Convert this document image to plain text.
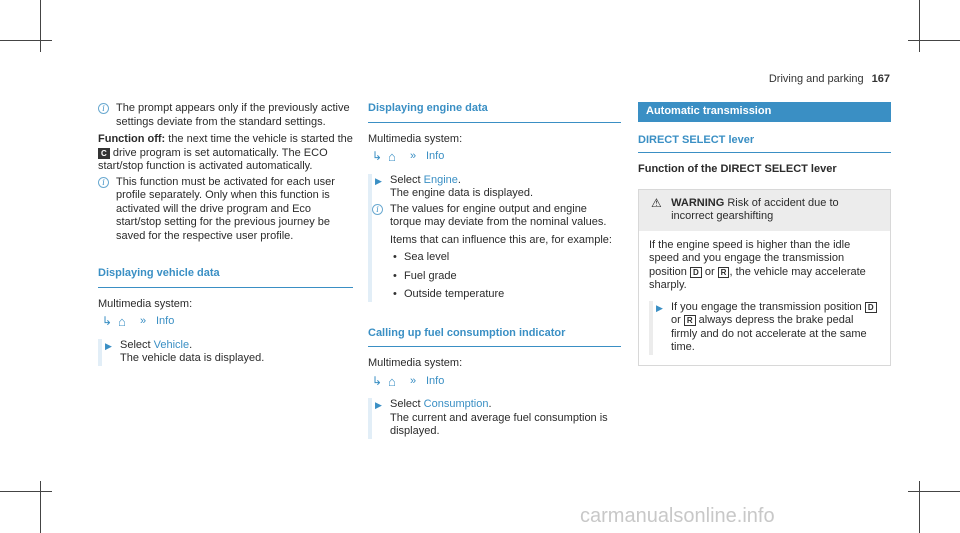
Driving and parking 167
i	The prompt appears only if the previously active settings deviate from the standard settings.
Function off: the next time the vehicle is started the C drive program is set automatically. The ECO start/stop function is activated automatically.
i	This function must be activated for each user profile separately. Only when this function is activated will the drive program and Eco start/stop setting for the previous journey be saved for the respective user profile.
Displaying vehicle data
Multimedia system:
↳ ⌂	» Info
▶ Select Vehicle.
The vehicle data is displayed.
Displaying engine data
Multimedia system:
↳ ⌂	» Info
▶ Select Engine.
The engine data is displayed.
i	The values for engine output and engine torque may deviate from the nominal values.
Items that can influence this are, for example:
• Sea level
• Fuel grade
• Outside temperature
Calling up fuel consumption indicator
Multimedia system:
↳ ⌂	» Info
▶ Select Consumption.
The current and average fuel consumption is displayed.
Automatic transmission
DIRECT SELECT lever
Function of the DIRECT SELECT lever
⚠ WARNING Risk of accident due to incorrect gearshifting
If the engine speed is higher than the idle speed and you engage the transmission position D or R , the vehicle may accelerate sharply.
▶ If you engage the transmission position D or R always depress the brake pedal firmly and do not accelerate at the same time.
carmanualsonline.info
